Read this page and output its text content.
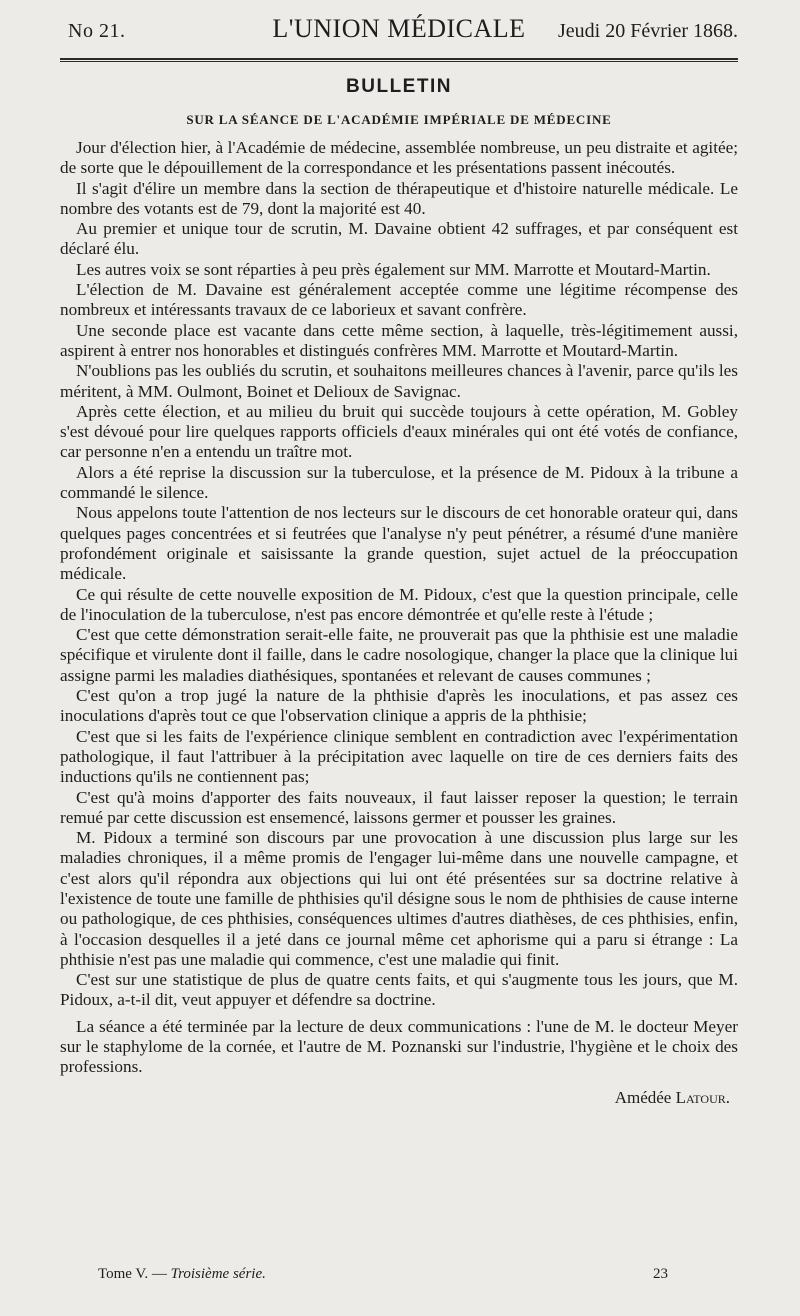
No 21.	L'UNION MÉDICALE	Jeudi 20 Février 1868.
BULLETIN
SUR LA SÉANCE DE L'ACADÉMIE IMPÉRIALE DE MÉDECINE

Jour d'élection hier, à l'Académie de médecine, assemblée nombreuse, un peu distraite et agitée; de sorte que le dépouillement de la correspondance et les présentations passent inécoutés.

Il s'agit d'élire un membre dans la section de thérapeutique et d'histoire naturelle médicale. Le nombre des votants est de 79, dont la majorité est 40.

Au premier et unique tour de scrutin, M. Davaine obtient 42 suffrages, et par conséquent est déclaré élu.

Les autres voix se sont réparties à peu près également sur MM. Marrotte et Moutard-Martin.

L'élection de M. Davaine est généralement acceptée comme une légitime récompense des nombreux et intéressants travaux de ce laborieux et savant confrère.

Une seconde place est vacante dans cette même section, à laquelle, très-légitimement aussi, aspirent à entrer nos honorables et distingués confrères MM. Marrotte et Moutard-Martin.

N'oublions pas les oubliés du scrutin, et souhaitons meilleures chances à l'avenir, parce qu'ils les méritent, à MM. Oulmont, Boinet et Delioux de Savignac.

Après cette élection, et au milieu du bruit qui succède toujours à cette opération, M. Gobley s'est dévoué pour lire quelques rapports officiels d'eaux minérales qui ont été votés de confiance, car personne n'en a entendu un traître mot.

Alors a été reprise la discussion sur la tuberculose, et la présence de M. Pidoux à la tribune a commandé le silence.

Nous appelons toute l'attention de nos lecteurs sur le discours de cet honorable orateur qui, dans quelques pages concentrées et si feutrées que l'analyse n'y peut pénétrer, a résumé d'une manière profondément originale et saisissante la grande question, sujet actuel de la préoccupation médicale.

Ce qui résulte de cette nouvelle exposition de M. Pidoux, c'est que la question principale, celle de l'inoculation de la tuberculose, n'est pas encore démontrée et qu'elle reste à l'étude ;

C'est que cette démonstration serait-elle faite, ne prouverait pas que la phthisie est une maladie spécifique et virulente dont il faille, dans le cadre nosologique, changer la place que la clinique lui assigne parmi les maladies diathésiques, spontanées et relevant de causes communes ;

C'est qu'on a trop jugé la nature de la phthisie d'après les inoculations, et pas assez ces inoculations d'après tout ce que l'observation clinique a appris de la phthisie;

C'est que si les faits de l'expérience clinique semblent en contradiction avec l'expérimentation pathologique, il faut l'attribuer à la précipitation avec laquelle on tire de ces derniers faits des inductions qu'ils ne contiennent pas;

C'est qu'à moins d'apporter des faits nouveaux, il faut laisser reposer la question; le terrain remué par cette discussion est ensemencé, laissons germer et pousser les graines.

M. Pidoux a terminé son discours par une provocation à une discussion plus large sur les maladies chroniques, il a même promis de l'engager lui-même dans une nouvelle campagne, et c'est alors qu'il répondra aux objections qui lui ont été présentées sur sa doctrine relative à l'existence de toute une famille de phthisies qu'il désigne sous le nom de phthisies de cause interne ou pathologique, de ces phthisies, conséquences ultimes d'autres diathèses, de ces phthisies, enfin, à l'occasion desquelles il a jeté dans ce journal même cet aphorisme qui a paru si étrange : La phthisie n'est pas une maladie qui commence, c'est une maladie qui finit.

C'est sur une statistique de plus de quatre cents faits, et qui s'augmente tous les jours, que M. Pidoux, a-t-il dit, veut appuyer et défendre sa doctrine.

La séance a été terminée par la lecture de deux communications : l'une de M. le docteur Meyer sur le staphylome de la cornée, et l'autre de M. Poznanski sur l'industrie, l'hygiène et le choix des professions.

Amédée Latour.
Tome V. — Troisième série.	23
